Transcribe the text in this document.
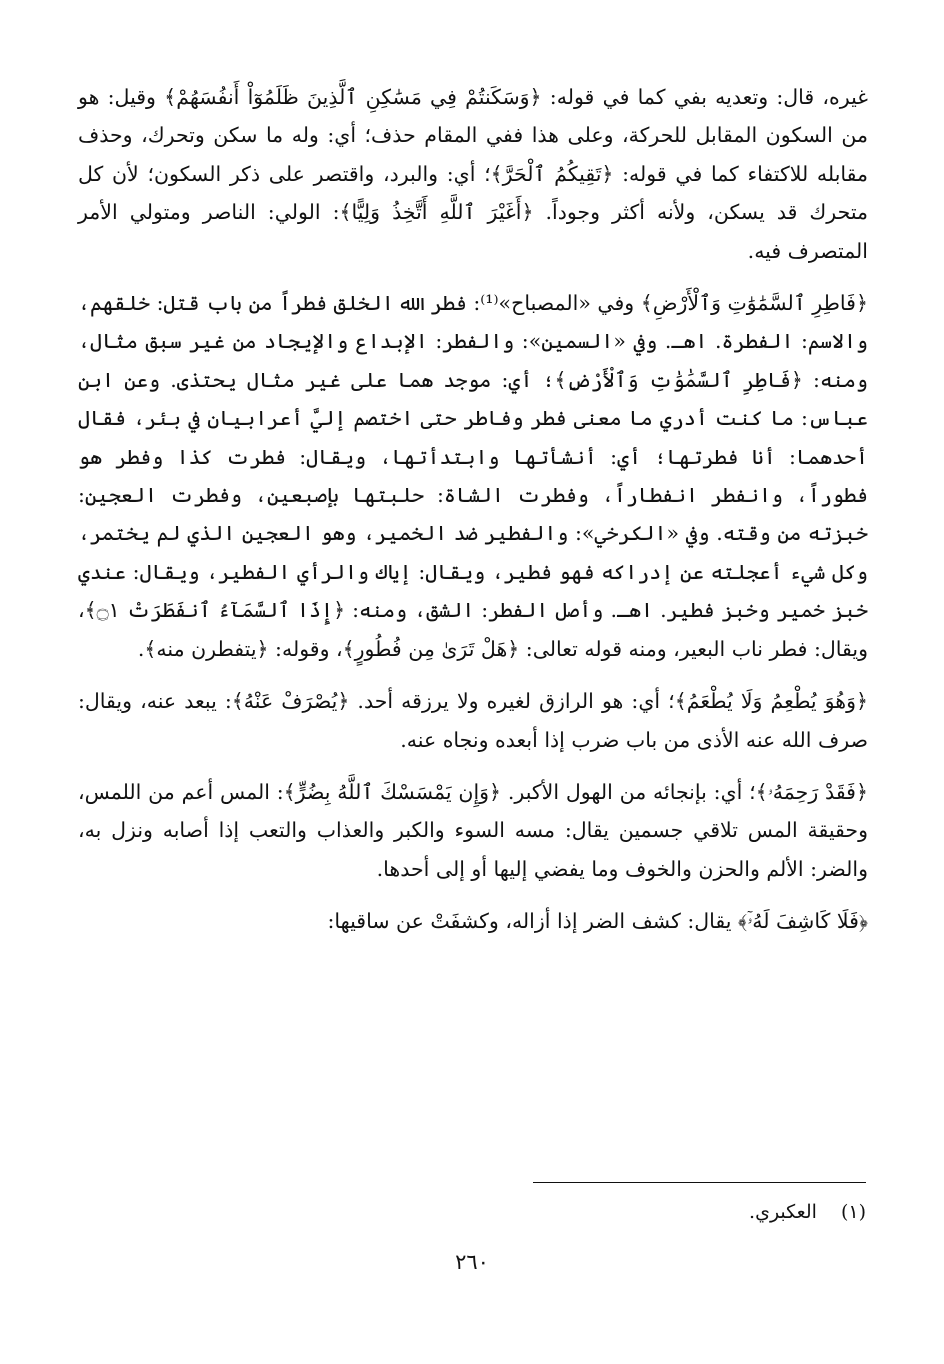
غيره، قال: وتعديه بفي كما في قوله: ﴿وَسَكَنتُمْ فِي مَسَٰكِنِ ٱلَّذِينَ ظَلَمُوٓاْ أَنفُسَهُمْ﴾ وقيل: هو من السكون المقابل للحركة، وعلى هذا ففي المقام حذف؛ أي: وله ما سكن وتحرك، وحذف مقابله للاكتفاء كما في قوله: ﴿تَقِيكُمُ ٱلْحَرَّ﴾؛ أي: والبرد، واقتصر على ذكر السكون؛ لأن كل متحرك قد يسكن، ولأنه أكثر وجوداً. ﴿أَغَيْرَ ٱللَّهِ أَتَّخِذُ وَلِيًّا﴾: الولي: الناصر ومتولي الأمر المتصرف فيه.

﴿فَاطِرِ ٱلسَّمَٰوَٰتِ وَٱلْأَرْضِ﴾ وفي «المصباح»⁽¹⁾: فطر الله الخلق فطراً من باب قتل: خلقهم، والاسم: الفطرة. اهـ. وفي «السمين»: والفطر: الإبداع والإيجاد من غير سبق مثال، ومنه: ﴿فَاطِرِ ٱلسَّمَٰوَٰتِ وَٱلْأَرْضِ﴾؛ أي: موجد هما على غير مثال يحتذى. وعن ابن عباس: ما كنت أدري ما معنى فطر وفاطر حتى اختصم إليَّ أعرابيان في بئر، فقال أحدهما: أنا فطرتها؛ أي: أنشأتها وابتدأتها، ويقال: فطرت كذا وفطر هو فطوراً، وانفطر انفطاراً، وفطرت الشاة: حلبتها بإصبعين، وفطرت العجين: خبزته من وقته. وفي «الكرخي»: والفطير ضد الخمير، وهو العجين الذي لم يختمر، وكل شيء أعجلته عن إدراكه فهو فطير، ويقال: إياك والرأي الفطير، ويقال: عندي خبز خمير وخبز فطير. اهـ. وأصل الفطر: الشق، ومنه: ﴿إِذَا ٱلسَّمَآءُ ٱنفَطَرَتْ ۝١﴾، ويقال: فطر ناب البعير، ومنه قوله تعالى: ﴿هَلْ تَرَىٰ مِن فُطُورٍ﴾، وقوله: ﴿يتفطرن منه﴾.

﴿وَهُوَ يُطْعِمُ وَلَا يُطْعَمُ﴾؛ أي: هو الرازق لغيره ولا يرزقه أحد. ﴿يُصْرَفْ عَنْهُ﴾: يبعد عنه، ويقال: صرف الله عنه الأذى من باب ضرب إذا أبعده ونجاه عنه.

﴿فَقَدْ رَحِمَهُۥ﴾؛ أي: بإنجائه من الهول الأكبر. ﴿وَإِن يَمْسَسْكَ ٱللَّهُ بِضُرٍّ﴾: المس أعم من اللمس، وحقيقة المس تلاقي جسمين يقال: مسه السوء والكبر والعذاب والتعب إذا أصابه ونزل به، والضر: الألم والحزن والخوف وما يفضي إليها أو إلى أحدها.

﴿فَلَا كَاشِفَ لَهُۥٓ﴾ يقال: كشف الضر إذا أزاله، وكشفَتْ عن ساقيها:

(١) العكبري.
٢٦٠
